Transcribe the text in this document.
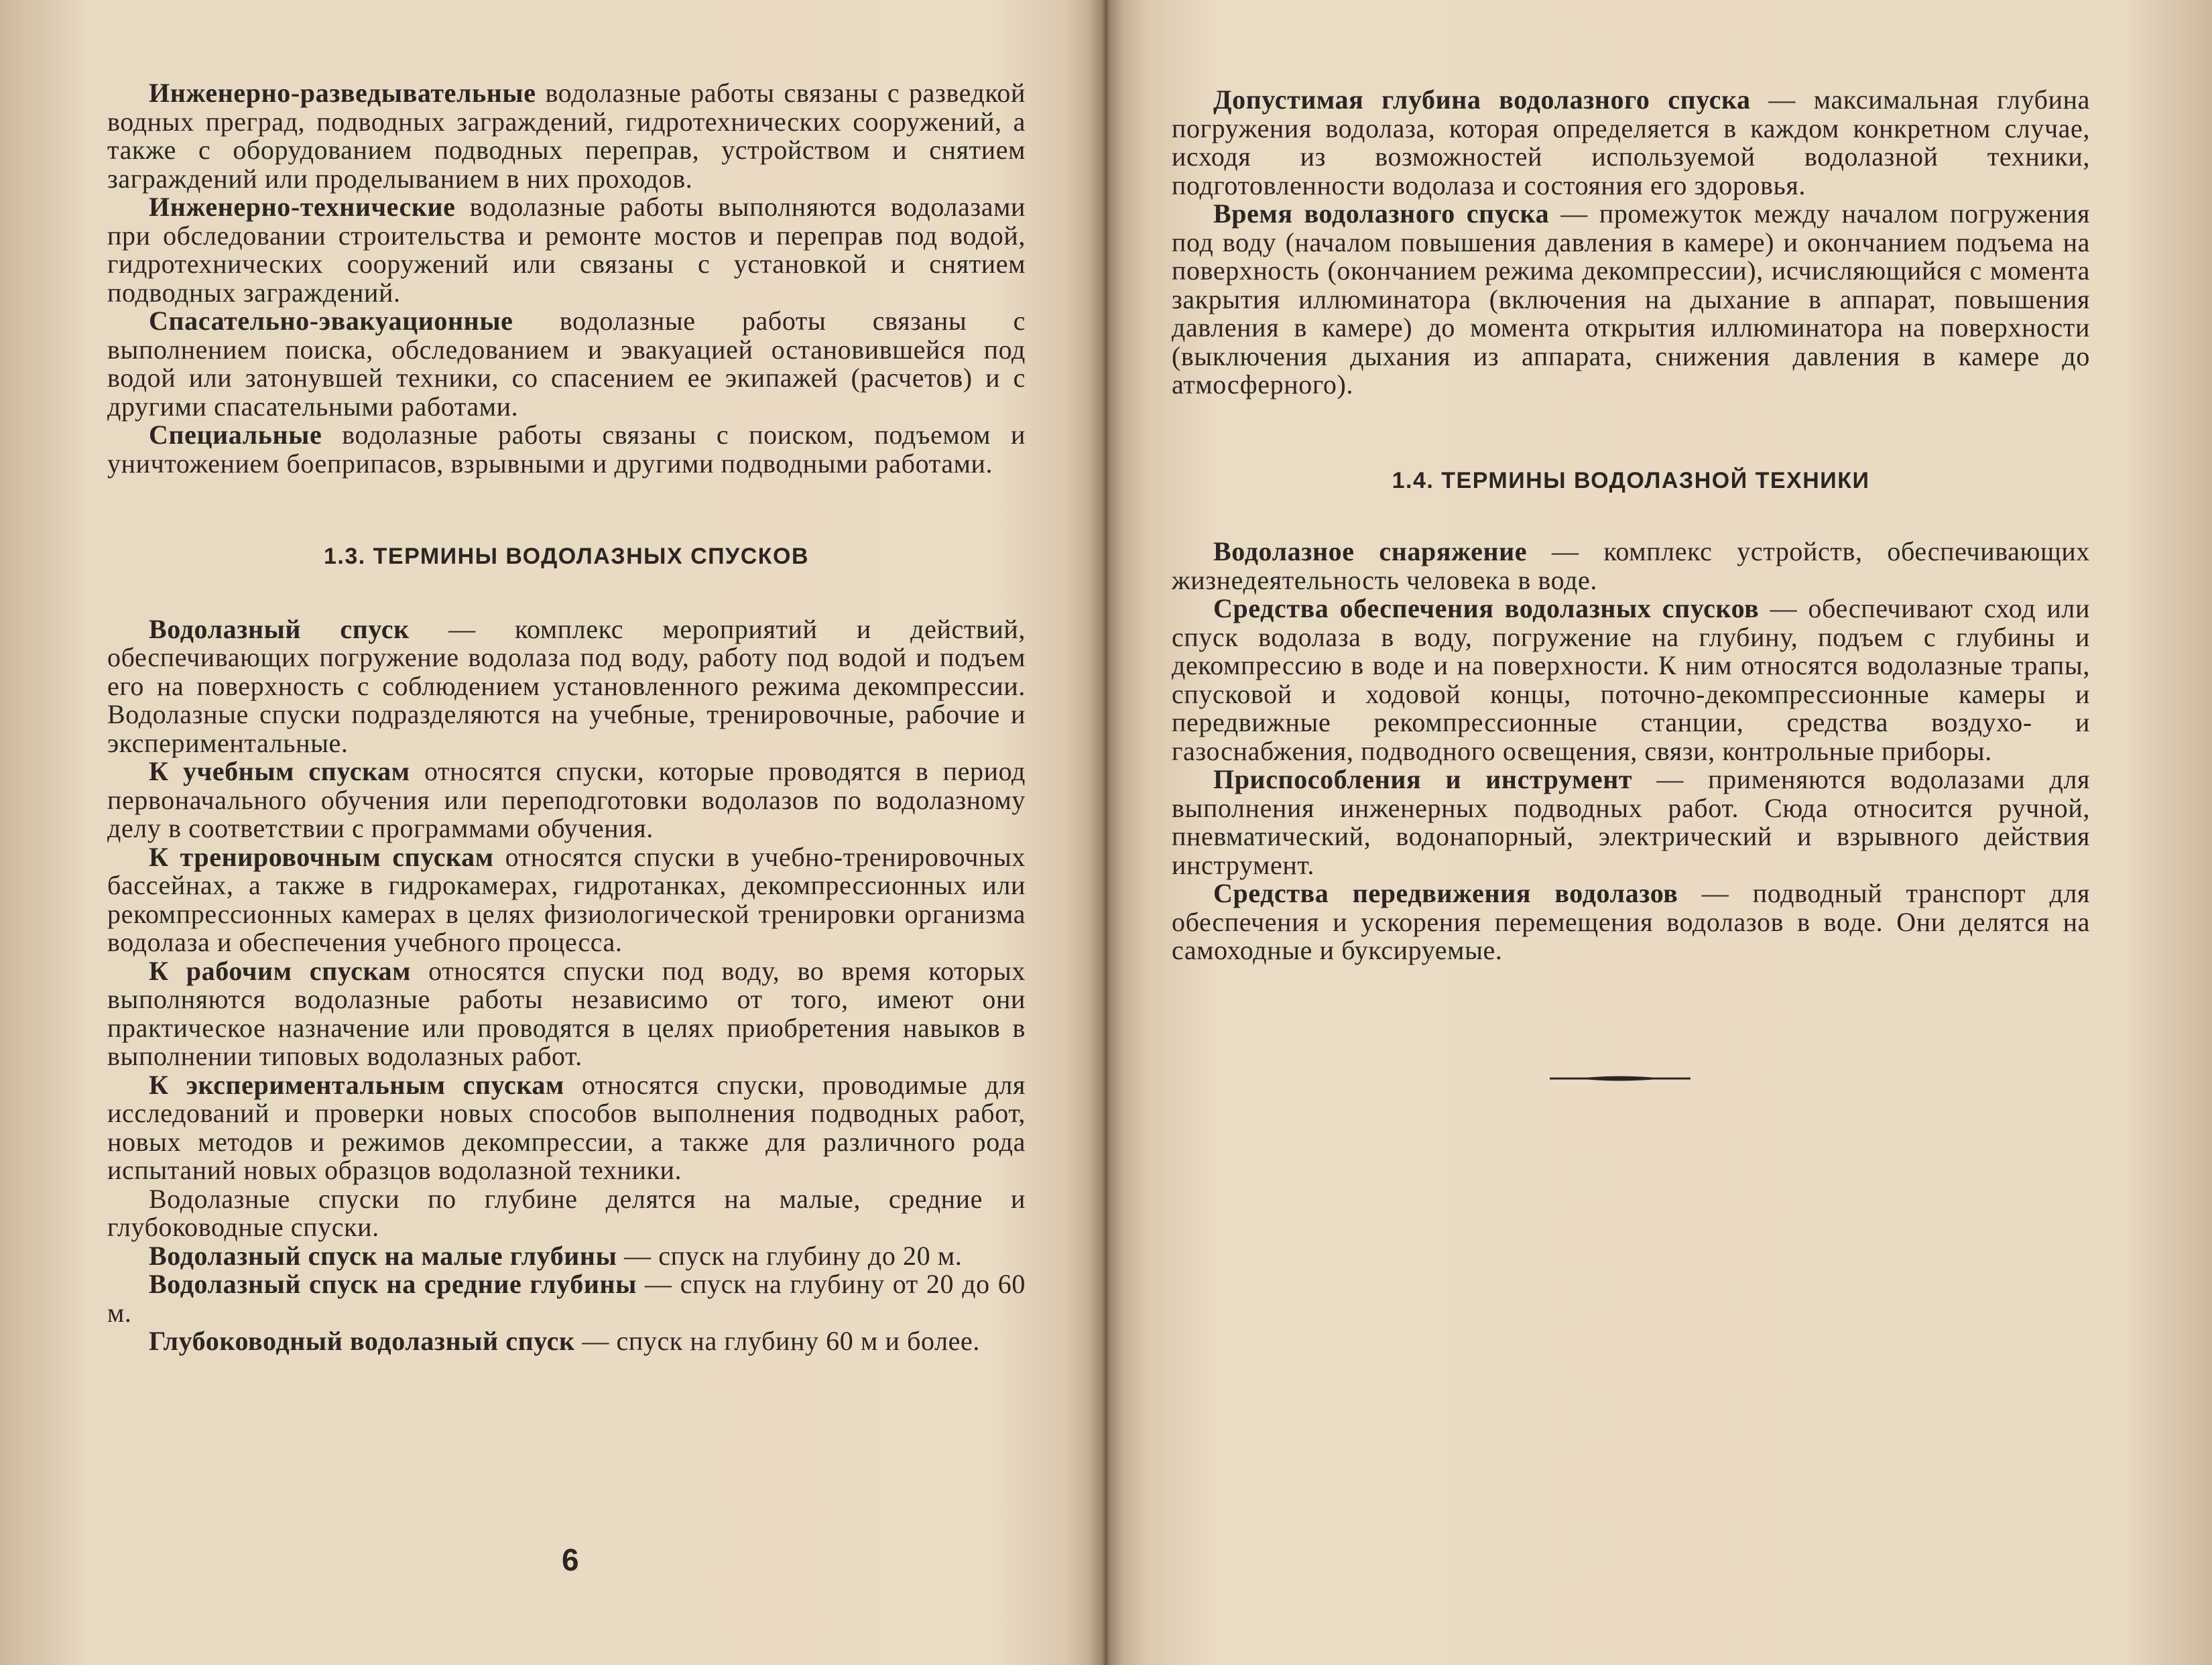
Инженерно-разведывательные водолазные работы связаны с разведкой водных преград, подводных заграждений, гидротехнических сооружений, а также с оборудованием подводных переправ, устройством и снятием заграждений или проделыванием в них проходов.

Инженерно-технические водолазные работы выполняются водолазами при обследовании строительства и ремонте мостов и переправ под водой, гидротехнических сооружений или связаны с установкой и снятием подводных заграждений.

Спасательно-эвакуационные водолазные работы связаны с выполнением поиска, обследованием и эвакуацией остановившейся под водой или затонувшей техники, со спасением ее экипажей (расчетов) и с другими спасательными работами.

Специальные водолазные работы связаны с поиском, подъемом и уничтожением боеприпасов, взрывными и другими подводными работами.

1.3. ТЕРМИНЫ ВОДОЛАЗНЫХ СПУСКОВ

Водолазный спуск — комплекс мероприятий и действий, обеспечивающих погружение водолаза под воду, работу под водой и подъем его на поверхность с соблюдением установленного режима декомпрессии. Водолазные спуски подразделяются на учебные, тренировочные, рабочие и экспериментальные.

К учебным спускам относятся спуски, которые проводятся в период первоначального обучения или переподготовки водолазов по водолазному делу в соответствии с программами обучения.

К тренировочным спускам относятся спуски в учебно-тренировочных бассейнах, а также в гидрокамерах, гидротанках, декомпрессионных или рекомпрессионных камерах в целях физиологической тренировки организма водолаза и обеспечения учебного процесса.

К рабочим спускам относятся спуски под воду, во время которых выполняются водолазные работы независимо от того, имеют они практическое назначение или проводятся в целях приобретения навыков в выполнении типовых водолазных работ.

К экспериментальным спускам относятся спуски, проводимые для исследований и проверки новых способов выполнения подводных работ, новых методов и режимов декомпрессии, а также для различного рода испытаний новых образцов водолазной техники.

Водолазные спуски по глубине делятся на малые, средние и глубоководные спуски.

Водолазный спуск на малые глубины — спуск на глубину до 20 м.

Водолазный спуск на средние глубины — спуск на глубину от 20 до 60 м.

Глубоководный водолазный спуск — спуск на глубину 60 м и более.

6

Допустимая глубина водолазного спуска — максимальная глубина погружения водолаза, которая определяется в каждом конкретном случае, исходя из возможностей используемой водолазной техники, подготовленности водолаза и состояния его здоровья.

Время водолазного спуска — промежуток между началом погружения под воду (началом повышения давления в камере) и окончанием подъема на поверхность (окончанием режима декомпрессии), исчисляющийся с момента закрытия иллюминатора (включения на дыхание в аппарат, повышения давления в камере) до момента открытия иллюминатора на поверхности (выключения дыхания из аппарата, снижения давления в камере до атмосферного).

1.4. ТЕРМИНЫ ВОДОЛАЗНОЙ ТЕХНИКИ

Водолазное снаряжение — комплекс устройств, обеспечивающих жизнедеятельность человека в воде.

Средства обеспечения водолазных спусков — обеспечивают сход или спуск водолаза в воду, погружение на глубину, подъем с глубины и декомпрессию в воде и на поверхности. К ним относятся водолазные трапы, спусковой и ходовой концы, поточно-декомпрессионные камеры и передвижные рекомпрессионные станции, средства воздухо- и газоснабжения, подводного освещения, связи, контрольные приборы.

Приспособления и инструмент — применяются водолазами для выполнения инженерных подводных работ. Сюда относится ручной, пневматический, водонапорный, электрический и взрывного действия инструмент.

Средства передвижения водолазов — подводный транспорт для обеспечения и ускорения перемещения водолазов в воде. Они делятся на самоходные и буксируемые.
